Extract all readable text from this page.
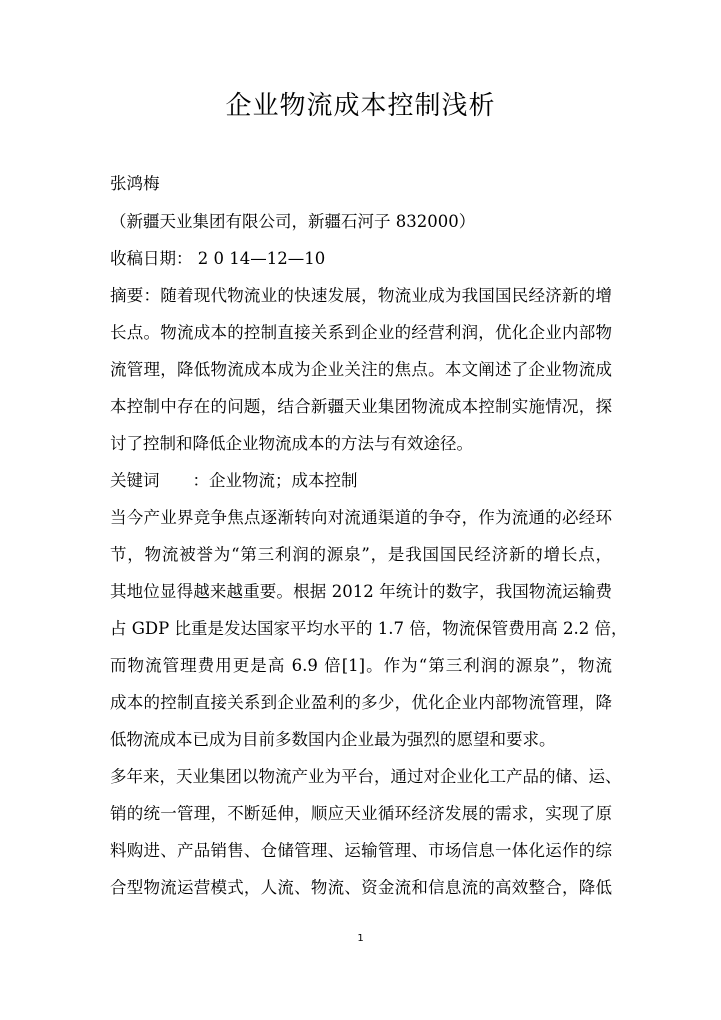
企业物流成本控制浅析
张鸿梅
（新疆天业集团有限公司，新疆石河子 832000）
收稿日期： 2 0 14—12—10
摘要：随着现代物流业的快速发展，物流业成为我国国民经济新的增
长点。物流成本的控制直接关系到企业的经营利润，优化企业内部物
流管理，降低物流成本成为企业关注的焦点。本文阐述了企业物流成
本控制中存在的问题，结合新疆天业集团物流成本控制实施情况，探
讨了控制和降低企业物流成本的方法与有效途径。
关键词　　：企业物流；成本控制
当今产业界竞争焦点逐渐转向对流通渠道的争夺，作为流通的必经环
节，物流被誉为“第三利润的源泉”，是我国国民经济新的增长点，
其地位显得越来越重要。根据 2012 年统计的数字，我国物流运输费
占 GDP 比重是发达国家平均水平的 1.7 倍，物流保管费用高 2.2 倍，
而物流管理费用更是高 6.9 倍[1]。作为“第三利润的源泉”，物流
成本的控制直接关系到企业盈利的多少，优化企业内部物流管理，降
低物流成本已成为目前多数国内企业最为强烈的愿望和要求。
多年来，天业集团以物流产业为平台，通过对企业化工产品的储、运、
销的统一管理，不断延伸，顺应天业循环经济发展的需求，实现了原
料购进、产品销售、仓储管理、运输管理、市场信息一体化运作的综
合型物流运营模式，人流、物流、资金流和信息流的高效整合，降低
1
